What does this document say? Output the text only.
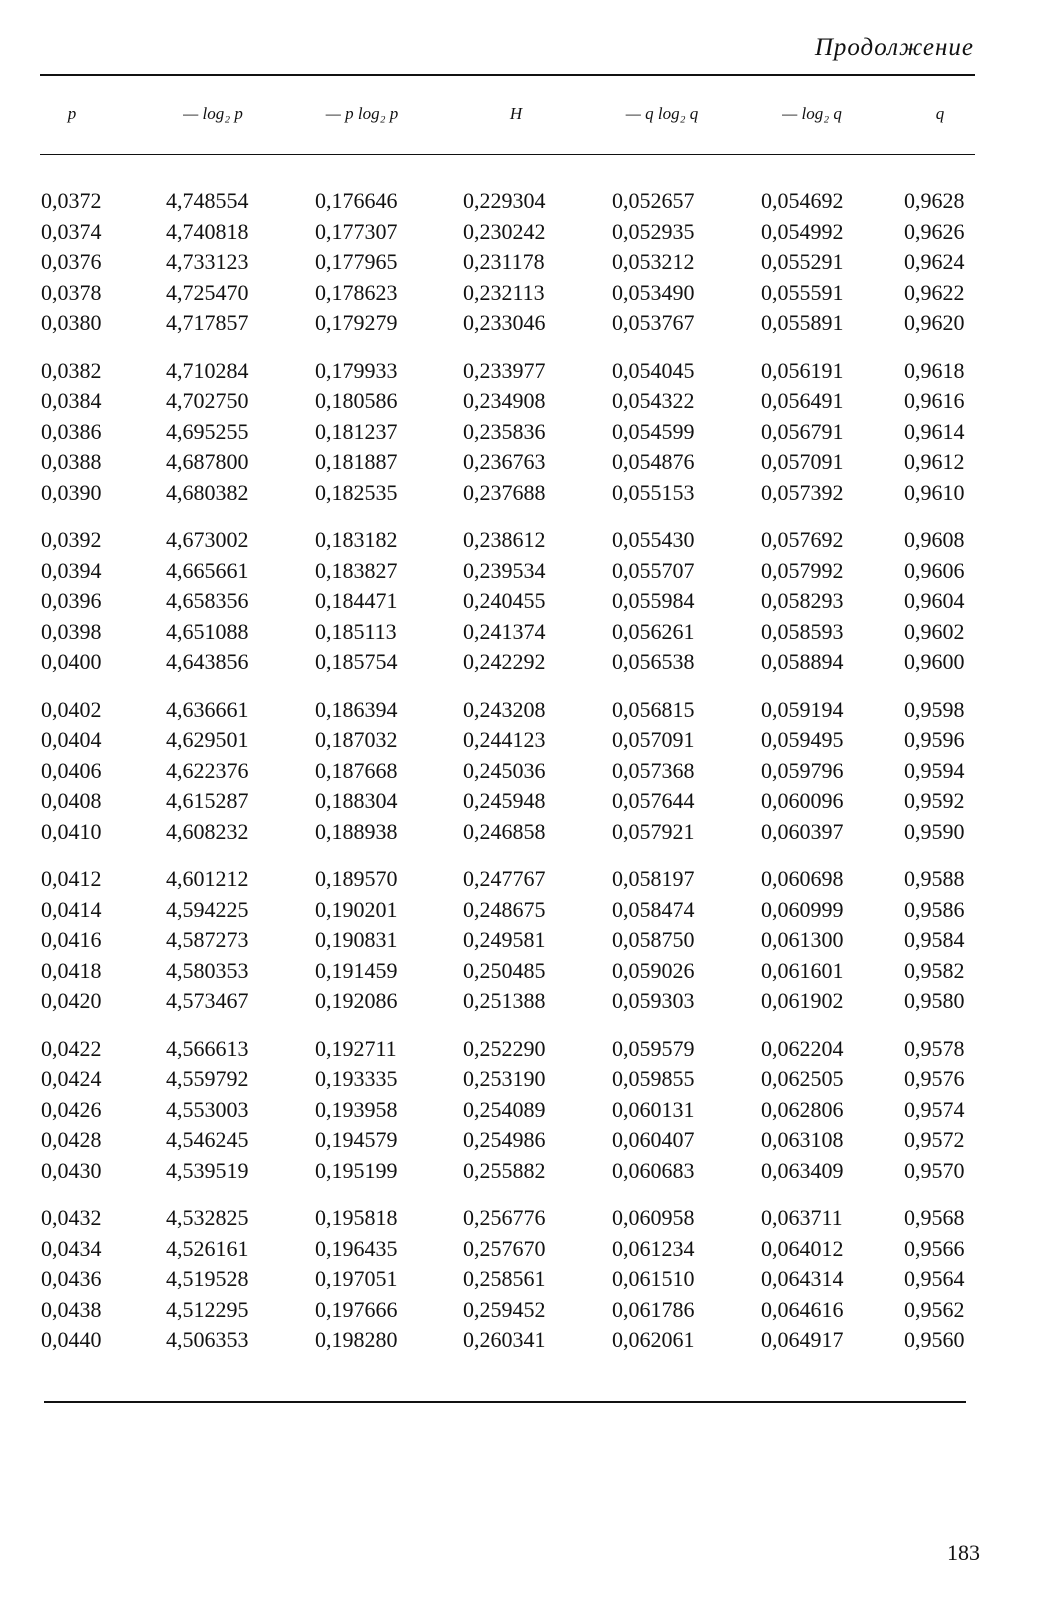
Продолжение
p	— log₂ p	— p log₂ p	H	— q log₂ q	— log₂ q	q
0,0372	4,748554	0,176646	0,229304	0,052657	0,054692	0,9628
0,0374	4,740818	0,177307	0,230242	0,052935	0,054992	0,9626
0,0376	4,733123	0,177965	0,231178	0,053212	0,055291	0,9624
0,0378	4,725470	0,178623	0,232113	0,053490	0,055591	0,9622
0,0380	4,717857	0,179279	0,233046	0,053767	0,055891	0,9620
0,0382	4,710284	0,179933	0,233977	0,054045	0,056191	0,9618
0,0384	4,702750	0,180586	0,234908	0,054322	0,056491	0,9616
0,0386	4,695255	0,181237	0,235836	0,054599	0,056791	0,9614
0,0388	4,687800	0,181887	0,236763	0,054876	0,057091	0,9612
0,0390	4,680382	0,182535	0,237688	0,055153	0,057392	0,9610
0,0392	4,673002	0,183182	0,238612	0,055430	0,057692	0,9608
0,0394	4,665661	0,183827	0,239534	0,055707	0,057992	0,9606
0,0396	4,658356	0,184471	0,240455	0,055984	0,058293	0,9604
0,0398	4,651088	0,185113	0,241374	0,056261	0,058593	0,9602
0,0400	4,643856	0,185754	0,242292	0,056538	0,058894	0,9600
0,0402	4,636661	0,186394	0,243208	0,056815	0,059194	0,9598
0,0404	4,629501	0,187032	0,244123	0,057091	0,059495	0,9596
0,0406	4,622376	0,187668	0,245036	0,057368	0,059796	0,9594
0,0408	4,615287	0,188304	0,245948	0,057644	0,060096	0,9592
0,0410	4,608232	0,188938	0,246858	0,057921	0,060397	0,9590
0,0412	4,601212	0,189570	0,247767	0,058197	0,060698	0,9588
0,0414	4,594225	0,190201	0,248675	0,058474	0,060999	0,9586
0,0416	4,587273	0,190831	0,249581	0,058750	0,061300	0,9584
0,0418	4,580353	0,191459	0,250485	0,059026	0,061601	0,9582
0,0420	4,573467	0,192086	0,251388	0,059303	0,061902	0,9580
0,0422	4,566613	0,192711	0,252290	0,059579	0,062204	0,9578
0,0424	4,559792	0,193335	0,253190	0,059855	0,062505	0,9576
0,0426	4,553003	0,193958	0,254089	0,060131	0,062806	0,9574
0,0428	4,546245	0,194579	0,254986	0,060407	0,063108	0,9572
0,0430	4,539519	0,195199	0,255882	0,060683	0,063409	0,9570
0,0432	4,532825	0,195818	0,256776	0,060958	0,063711	0,9568
0,0434	4,526161	0,196435	0,257670	0,061234	0,064012	0,9566
0,0436	4,519528	0,197051	0,258561	0,061510	0,064314	0,9564
0,0438	4,512295	0,197666	0,259452	0,061786	0,064616	0,9562
0,0440	4,506353	0,198280	0,260341	0,062061	0,064917	0,9560
183
